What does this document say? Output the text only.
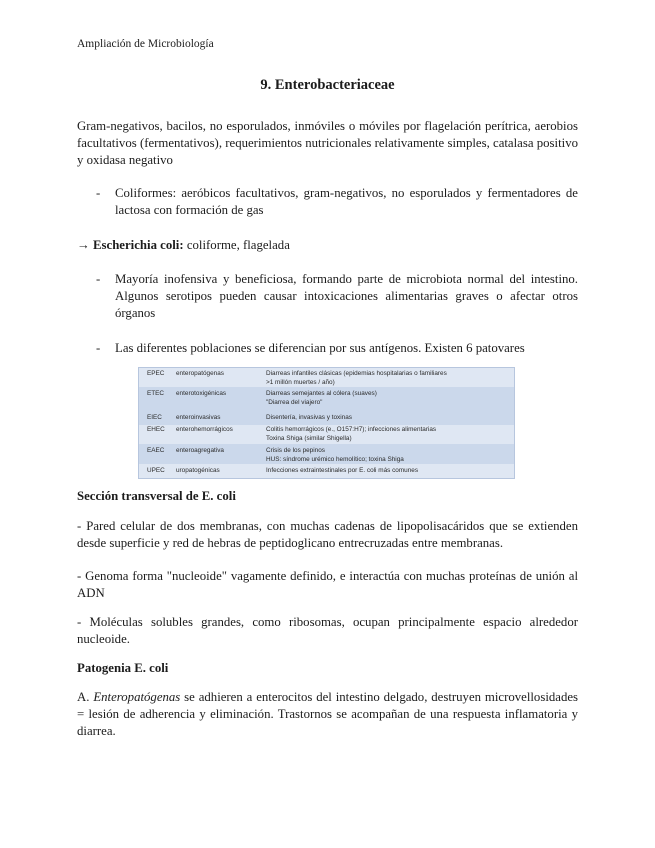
Ampliación de Microbiología
9. Enterobacteriaceae
Gram-negativos, bacilos, no esporulados, inmóviles o móviles por flagelación perítrica, aerobios facultativos (fermentativos), requerimientos nutricionales relativamente simples, catalasa positivo y oxidasa negativo
- Coliformes: aeróbicos facultativos, gram-negativos, no esporulados y fermentadores de lactosa con formación de gas
→ Escherichia coli: coliforme, flagelada
- Mayoría inofensiva y beneficiosa, formando parte de microbiota normal del intestino. Algunos serotipos pueden causar intoxicaciones alimentarias graves o afectar otros órganos
- Las diferentes poblaciones se diferencian por sus antígenos. Existen 6 patovares
EPEC enteropatógenas	Diarreas infantiles clásicas (epidemias hospitalarias o familiares
>1 millón muertes / año)
ETEC enterotoxigénicas	Diarreas semejantes al cólera (suaves)
"Diarrea del viajero"
EIEC enteroinvasivas	Disentería, invasivas y toxinas
EHEC enterohemorrágicos	Colitis hemorrágicos (e., O157:H7); infecciones alimentarias
Toxina Shiga (similar Shigella)
EAEC enteroagregativa	Crisis de los pepinos
HUS: síndrome urémico hemolítico; toxina Shiga
UPEC uropatogénicas	Infecciones extraintestinales por E. coli más comunes
Sección transversal de E. coli
- Pared celular de dos membranas, con muchas cadenas de lipopolisacáridos que se extienden desde superficie y red de hebras de peptidoglicano entrecruzadas entre membranas.
- Genoma forma "nucleoide" vagamente definido, e interactúa con muchas proteínas de unión al ADN
- Moléculas solubles grandes, como ribosomas, ocupan principalmente espacio alrededor nucleoide.
Patogenia E. coli
A. Enteropatógenas se adhieren a enterocitos del intestino delgado, destruyen microvellosidades = lesión de adherencia y eliminación. Trastornos se acompañan de una respuesta inflamatoria y diarrea.
